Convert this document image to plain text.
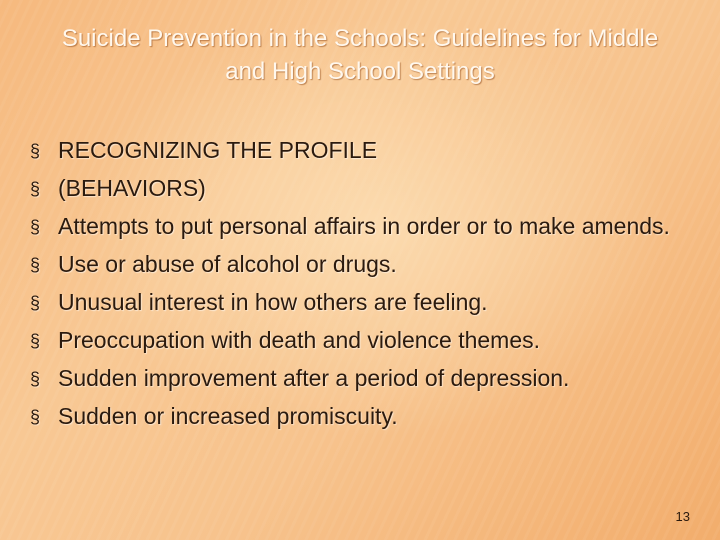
Suicide Prevention in the Schools: Guidelines for Middle and High School Settings
§ RECOGNIZING THE PROFILE
§ (BEHAVIORS)
§ Attempts to put personal affairs in order or to make amends.
§ Use or abuse of alcohol or drugs.
§ Unusual interest in how others are feeling.
§ Preoccupation with death and violence themes.
§ Sudden improvement after a period of depression.
§ Sudden or increased promiscuity.
13
